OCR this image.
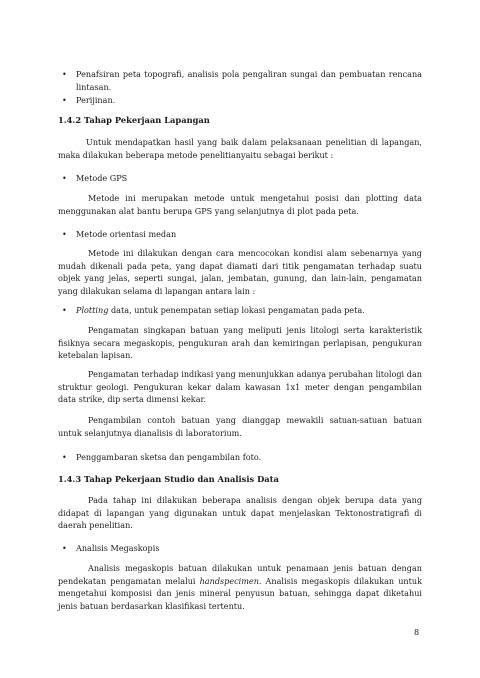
• Penafsiran peta topografi, analisis pola pengaliran sungai dan pembuatan rencana lintasan.
• Perijinan.
1.4.2 Tahap Pekerjaan Lapangan
Untuk mendapatkan hasil yang baik dalam pelaksanaan penelitian di lapangan, maka dilakukan beberapa metode penelitianyaitu sebagai berikut :
• Metode GPS
Metode ini merupakan metode untuk mengetahui posisi dan plotting data menggunakan alat bantu berupa GPS yang selanjutnya di plot pada peta.
• Metode orientasi medan
Metode ini dilakukan dengan cara mencocokan kondisi alam sebenarnya yang mudah dikenali pada peta, yang dapat diamati dari titik pengamatan terhadap suatu objek yang jelas, seperti sungai, jalan, jembatan, gunung, dan lain-lain, pengamatan yang dilakukan selama di lapangan antara lain :
• Plotting data, untuk penempatan setiap lokasi pengamatan pada peta.
Pengamatan singkapan batuan yang meliputi jenis litologi serta karakteristik fisiknya secara megaskopis, pengukuran arah dan kemiringan perlapisan, pengukuran ketebalan lapisan.
Pengamatan terhadap indikasi yang menunjukkan adanya perubahan litologi dan struktur geologi. Pengukuran kekar dalam kawasan 1x1 meter dengan pengambilan data strike, dip serta dimensi kekar.
Pengambilan contoh batuan yang dianggap mewakili satuan-satuan batuan untuk selanjutnya dianalisis di laboratorium.
• Penggambaran sketsa dan pengambilan foto.
1.4.3 Tahap Pekerjaan Studio dan Analisis Data
Pada tahap ini dilakukan beberapa analisis dengan objek berupa data yang didapat di lapangan yang digunakan untuk dapat menjelaskan Tektonostratigrafi di daerah penelitian.
• Analisis Megaskopis
Analisis megaskopis batuan dilakukan untuk penamaan jenis batuan dengan pendekatan pengamatan melalui handspecimen. Analisis megaskopis dilakukan untuk mengetahui komposisi dan jenis mineral penyusun batuan, sehingga dapat diketahui jenis batuan berdasarkan klasifikasi tertentu.
8
